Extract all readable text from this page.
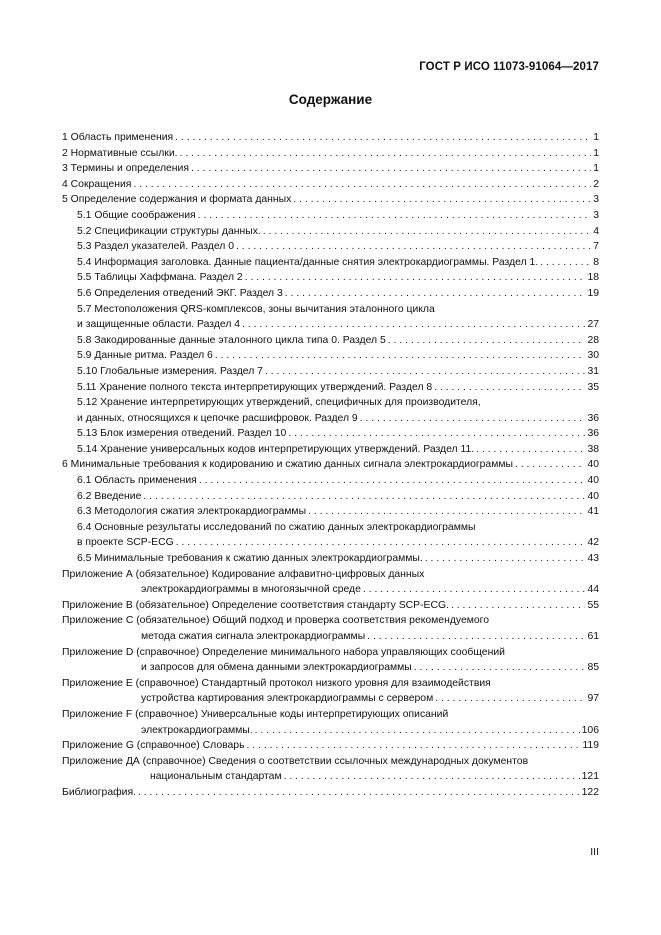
ГОСТ Р ИСО 11073-91064—2017
Содержание
1 Область применения . . .	1
2 Нормативные ссылки. . . .	1
3 Термины и определения . . .	1
4 Сокращения . . .	2
5 Определение содержания и формата данных . . .	3
5.1 Общие соображения . . .	3
5.2 Спецификации структуры данных. . . .	4
5.3 Раздел указателей. Раздел 0 . . .	7
5.4 Информация заголовка. Данные пациента/данные снятия электрокардиограммы. Раздел 1. . . .	8
5.5 Таблицы Хаффмана. Раздел 2 . . .	18
5.6 Определения отведений ЭКГ. Раздел 3 . . .	19
5.7 Местоположения QRS-комплексов, зоны вычитания эталонного цикла
и защищенные области. Раздел 4 . . .	27
5.8 Закодированные данные эталонного цикла типа 0. Раздел 5 . . .	28
5.9 Данные ритма. Раздел 6 . . .	30
5.10 Глобальные измерения. Раздел 7 . . .	31
5.11 Хранение полного текста интерпретирующих утверждений. Раздел 8 . . .	35
5.12 Хранение интерпретирующих утверждений, специфичных для производителя,
и данных, относящихся к цепочке расшифровок. Раздел 9 . . .	36
5.13 Блок измерения отведений. Раздел 10 . . .	36
5.14 Хранение универсальных кодов интерпретирующих утверждений. Раздел 11. . . .	38
6 Минимальные требования к кодированию и сжатию данных сигнала электрокардиограммы . . .	40
6.1 Область применения . . .	40
6.2 Введение . . .	40
6.3 Методология сжатия электрокардиограммы . . .	41
6.4 Основные результаты исследований по сжатию данных электрокардиограммы
в проекте SCP-ECG . . .	42
6.5 Минимальные требования к сжатию данных электрокардиограммы. . . .	43
Приложение А (обязательное) Кодирование алфавитно-цифровых данных
электрокардиограммы в многоязычной среде . . .	44
Приложение В (обязательное) Определение соответствия стандарту SCP-ECG. . . .	55
Приложение С (обязательное) Общий подход и проверка соответствия рекомендуемого
метода сжатия сигнала электрокардиограммы . . .	61
Приложение D (справочное) Определение минимального набора управляющих сообщений
и запросов для обмена данными электрокардиограммы . . .	85
Приложение Е (справочное) Стандартный протокол низкого уровня для взаимодействия
устройства картирования электрокардиограммы с сервером . . .	97
Приложение F (справочное) Универсальные коды интерпретирующих описаний
электрокардиограммы. . . .	106
Приложение G (справочное) Словарь . . .	119
Приложение ДА (справочное) Сведения о соответствии ссылочных международных документов
национальным стандартам . . .	121
Библиография. . . .	122
III
